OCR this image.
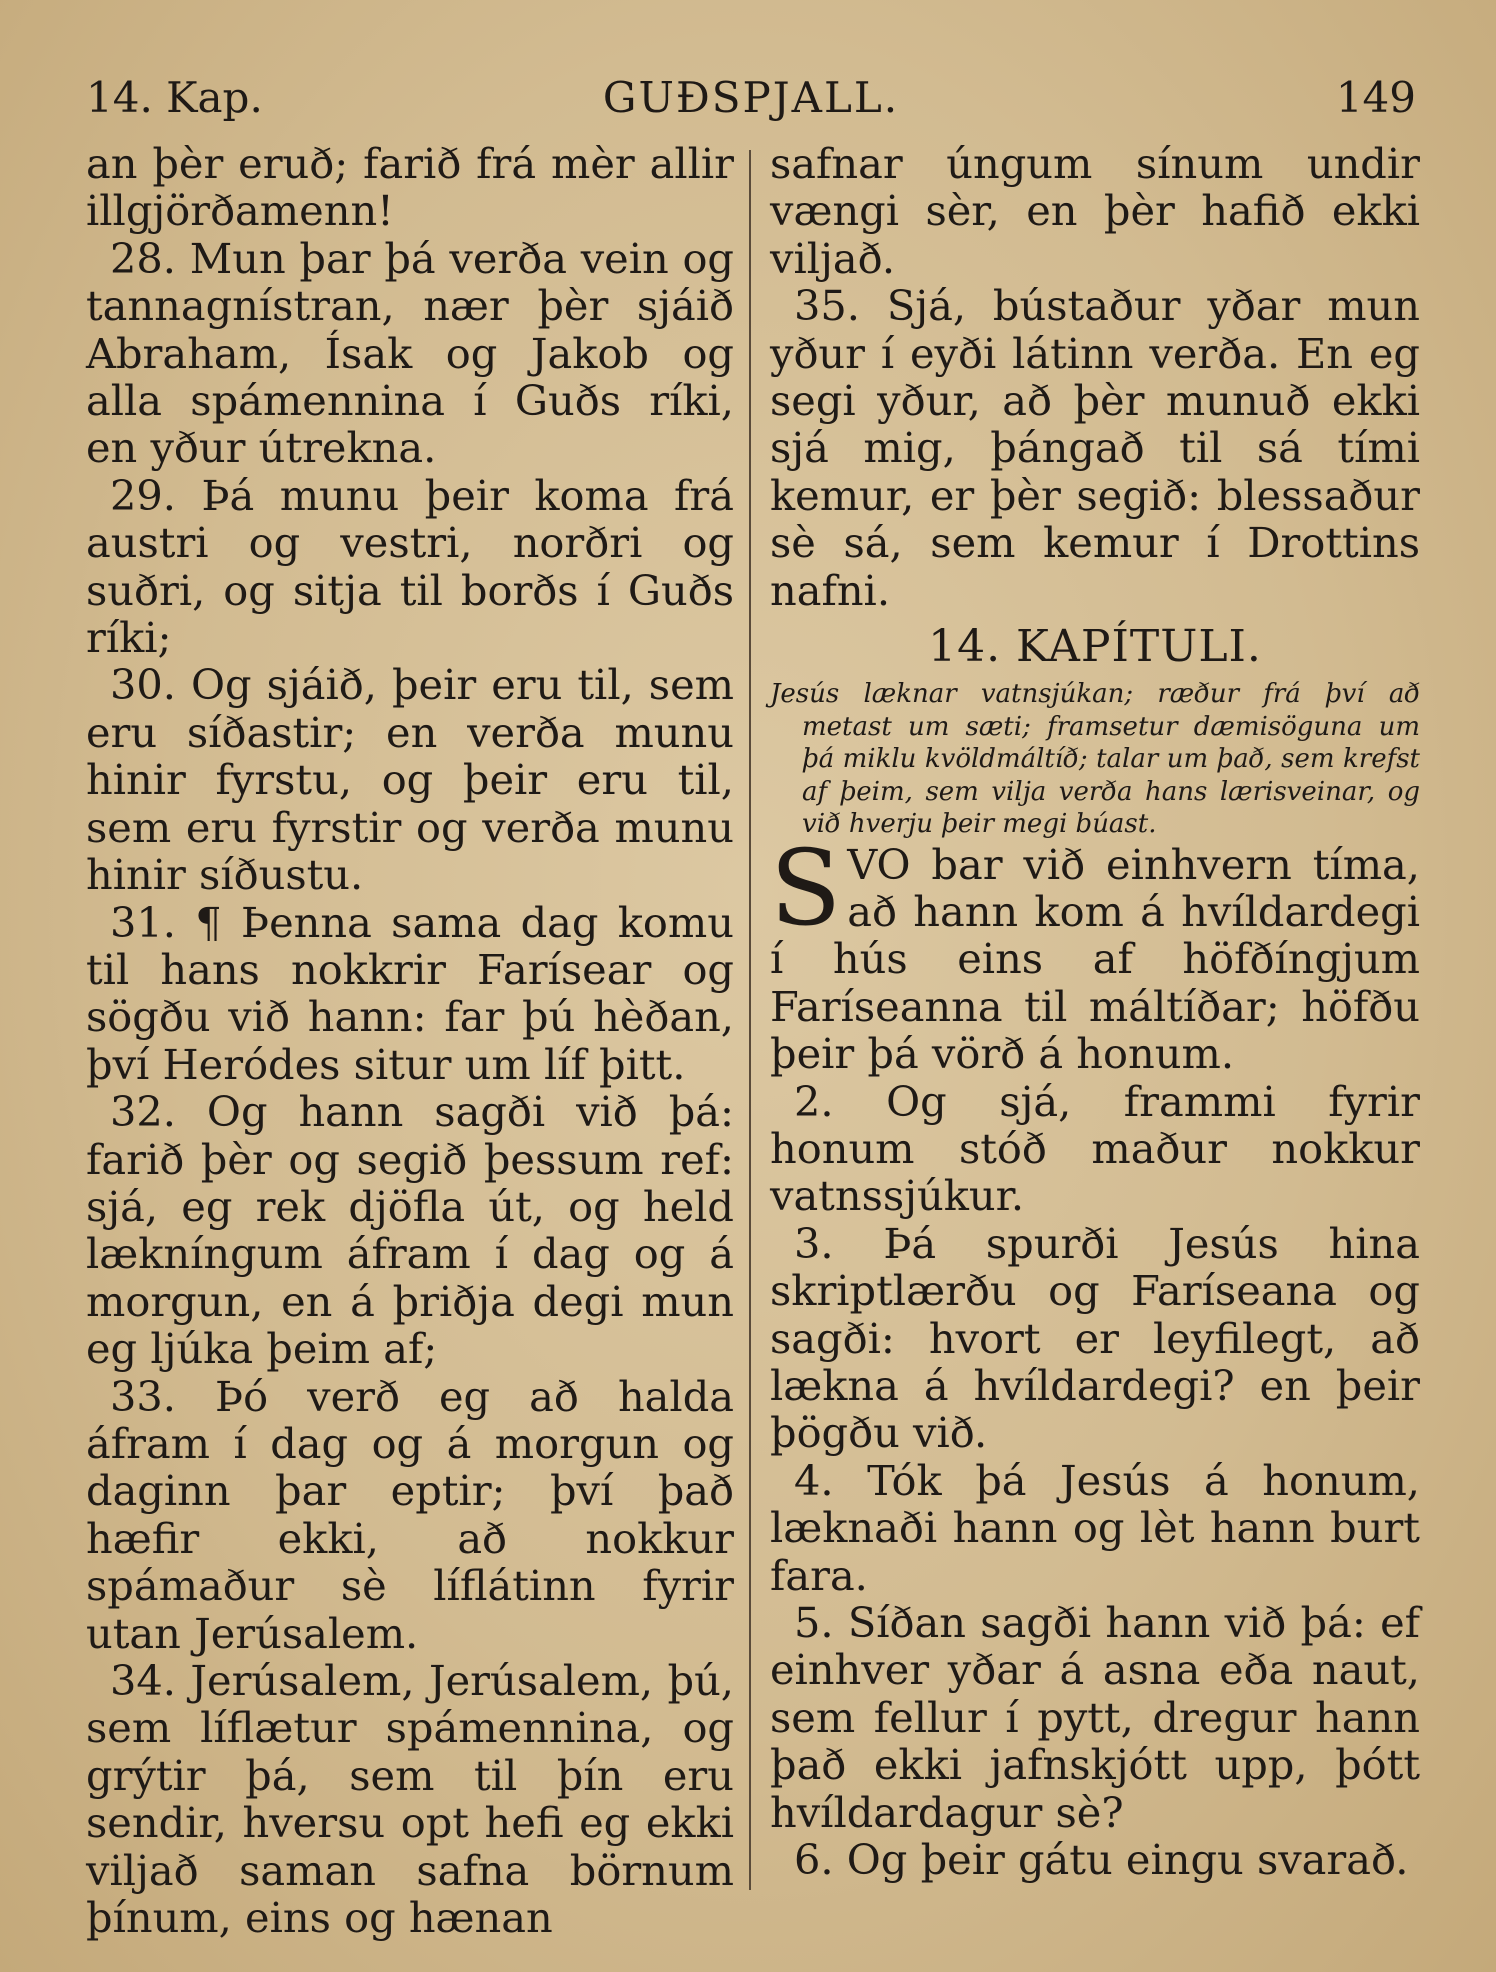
14. Kap.	GUÐSPJALL.	149

an þèr eruð; farið frá mèr allir illgjörðamenn!

28. Mun þar þá verða vein og tannagnístran, nær þèr sjáið Abraham, Ísak og Jakob og alla spámennina í Guðs ríki, en yður útrekna.

29. Þá munu þeir koma frá austri og vestri, norðri og suðri, og sitja til borðs í Guðs ríki;

30. Og sjáið, þeir eru til, sem eru síðastir; en verða munu hinir fyrstu, og þeir eru til, sem eru fyrstir og verða munu hinir síðustu.

31. ¶ Þenna sama dag komu til hans nokkrir Farísear og sögðu við hann: far þú hèðan, því Heródes situr um líf þitt.

32. Og hann sagði við þá: farið þèr og segið þessum ref: sjá, eg rek djöfla út, og held lækníngum áfram í dag og á morgun, en á þriðja degi mun eg ljúka þeim af;

33. Þó verð eg að halda áfram í dag og á morgun og daginn þar eptir; því það hæfir ekki, að nokkur spámaður sè líflátinn fyrir utan Jerúsalem.

34. Jerúsalem, Jerúsalem, þú, sem líflætur spámennina, og grýtir þá, sem til þín eru sendir, hversu opt hefi eg ekki viljað saman safna börnum þínum, eins og hænan

safnar úngum sínum undir vængi sèr, en þèr hafið ekki viljað.

35. Sjá, bústaður yðar mun yður í eyði látinn verða. En eg segi yður, að þèr munuð ekki sjá mig, þángað til sá tími kemur, er þèr segið: blessaður sè sá, sem kemur í Drottins nafni.

14. KAPÍTULI.

Jesús læknar vatnsjúkan; ræður frá því að metast um sæti; framsetur dæmisöguna um þá miklu kvöldmáltíð; talar um það, sem krefst af þeim, sem vilja verða hans lærisveinar, og við hverju þeir megi búast.

SVO bar við einhvern tíma, að hann kom á hvíldardegi í hús eins af höfðíngjum Faríseanna til máltíðar; höfðu þeir þá vörð á honum.

2. Og sjá, frammi fyrir honum stóð maður nokkur vatnssjúkur.

3. Þá spurði Jesús hina skriptlærðu og Faríseana og sagði: hvort er leyfilegt, að lækna á hvíldardegi? en þeir þögðu við.

4. Tók þá Jesús á honum, læknaði hann og lèt hann burt fara.

5. Síðan sagði hann við þá: ef einhver yðar á asna eða naut, sem fellur í pytt, dregur hann það ekki jafnskjótt upp, þótt hvíldardagur sè?

6. Og þeir gátu eingu svarað.
